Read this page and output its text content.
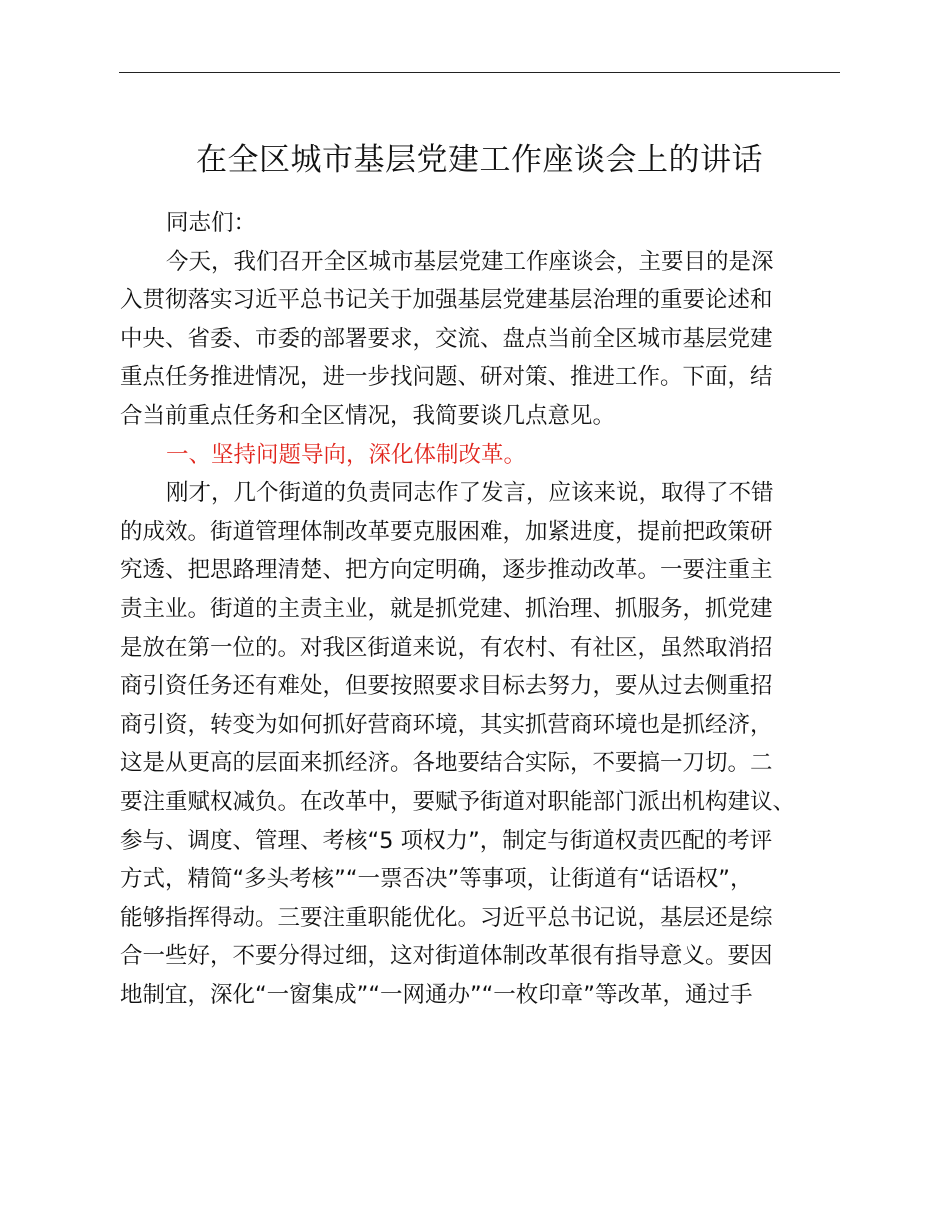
在全区城市基层党建工作座谈会上的讲话
同志们：
今天，我们召开全区城市基层党建工作座谈会，主要目的是深
入贯彻落实习近平总书记关于加强基层党建基层治理的重要论述和
中央、省委、市委的部署要求，交流、盘点当前全区城市基层党建
重点任务推进情况，进一步找问题、研对策、推进工作。下面，结
合当前重点任务和全区情况，我简要谈几点意见。
一、坚持问题导向，深化体制改革。
刚才，几个街道的负责同志作了发言，应该来说，取得了不错
的成效。街道管理体制改革要克服困难，加紧进度，提前把政策研
究透、把思路理清楚、把方向定明确，逐步推动改革。一要注重主
责主业。街道的主责主业，就是抓党建、抓治理、抓服务，抓党建
是放在第一位的。对我区街道来说，有农村、有社区，虽然取消招
商引资任务还有难处，但要按照要求目标去努力，要从过去侧重招
商引资，转变为如何抓好营商环境，其实抓营商环境也是抓经济，
这是从更高的层面来抓经济。各地要结合实际，不要搞一刀切。二
要注重赋权减负。在改革中，要赋予街道对职能部门派出机构建议、
参与、调度、管理、考核“5 项权力”，制定与街道权责匹配的考评
方式，精简“多头考核”“一票否决”等事项，让街道有“话语权”，
能够指挥得动。三要注重职能优化。习近平总书记说，基层还是综
合一些好，不要分得过细，这对街道体制改革很有指导意义。要因
地制宜，深化“一窗集成”“一网通办”“一枚印章”等改革，通过手
